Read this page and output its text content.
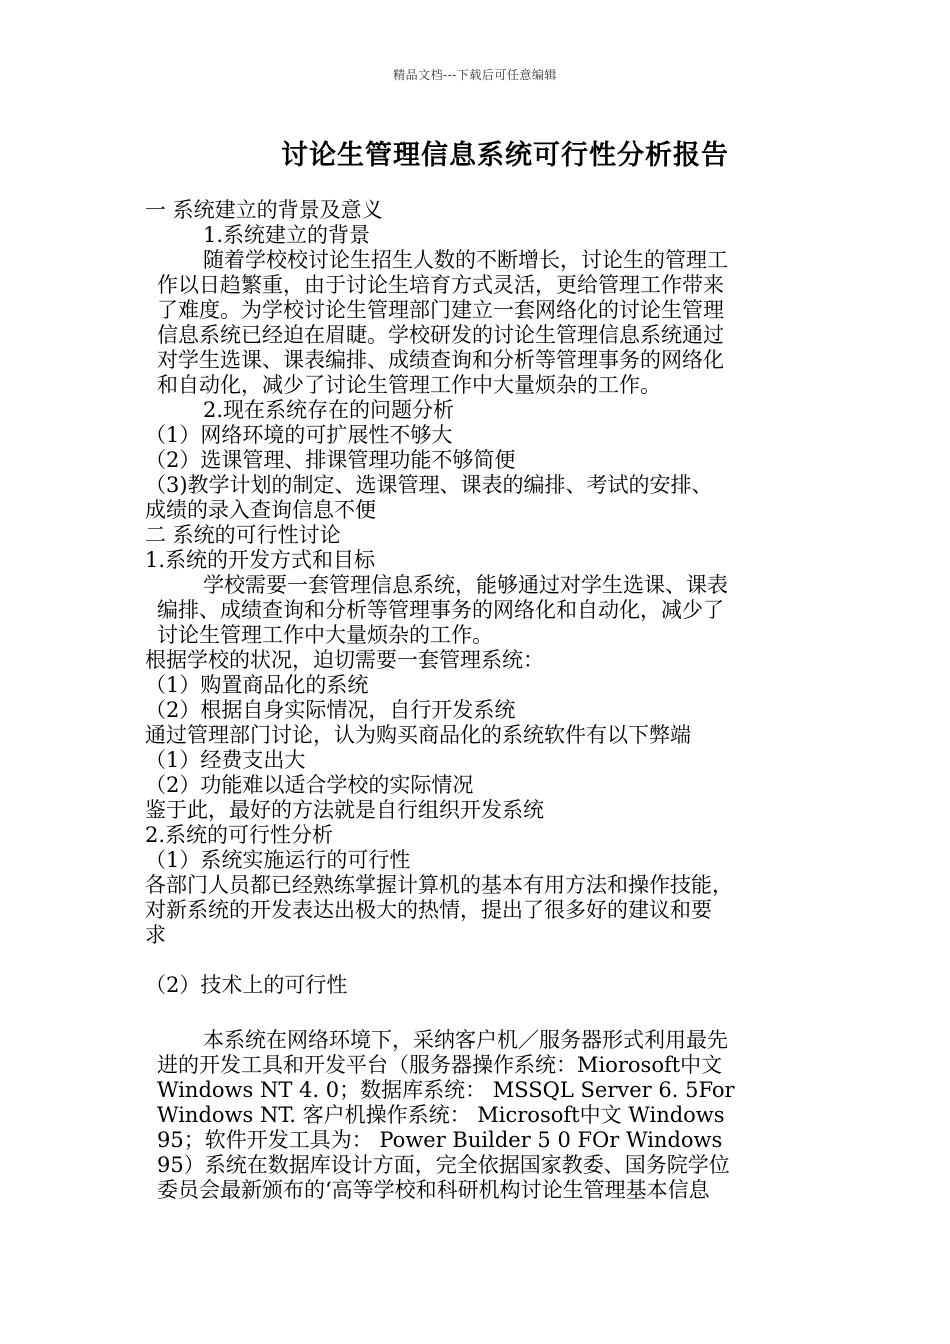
精品文档---下载后可任意编辑
讨论生管理信息系统可行性分析报告
一 系统建立的背景及意义
1.系统建立的背景
随着学校校讨论生招生人数的不断增长，讨论生的管理工
作以日趋繁重，由于讨论生培育方式灵活，更给管理工作带来
了难度。为学校讨论生管理部门建立一套网络化的讨论生管理
信息系统已经迫在眉睫。学校研发的讨论生管理信息系统通过
对学生选课、课表编排、成绩查询和分析等管理事务的网络化
和自动化，减少了讨论生管理工作中大量烦杂的工作。
2.现在系统存在的问题分析
（1）网络环境的可扩展性不够大
（2）选课管理、排课管理功能不够简便
（3)教学计划的制定、选课管理、课表的编排、考试的安排、
成绩的录入查询信息不便
二 系统的可行性讨论
1.系统的开发方式和目标
学校需要一套管理信息系统，能够通过对学生选课、课表
编排、成绩查询和分析等管理事务的网络化和自动化，减少了
讨论生管理工作中大量烦杂的工作。
根据学校的状况，迫切需要一套管理系统：
（1）购置商品化的系统
（2）根据自身实际情况，自行开发系统
通过管理部门讨论，认为购买商品化的系统软件有以下弊端
（1）经费支出大
（2）功能难以适合学校的实际情况
鉴于此，最好的方法就是自行组织开发系统
2.系统的可行性分析
（1）系统实施运行的可行性
各部门人员都已经熟练掌握计算机的基本有用方法和操作技能，
对新系统的开发表达出极大的热情，提出了很多好的建议和要
求
（2）技术上的可行性
本系统在网络环境下，采纳客户机／服务器形式利用最先
进的开发工具和开发平台（服务器操作系统：Miorosoft中文
Windows NT 4. 0；数据库系统： MSSQL Server 6. 5For
Windows NT. 客户机操作系统： Microsoft中文 Windows
95；软件开发工具为： Power Builder 5 0 FOr Windows
95）系统在数据库设计方面，完全依据国家教委、国务院学位
委员会最新颁布的‘高等学校和科研机构讨论生管理基本信息
